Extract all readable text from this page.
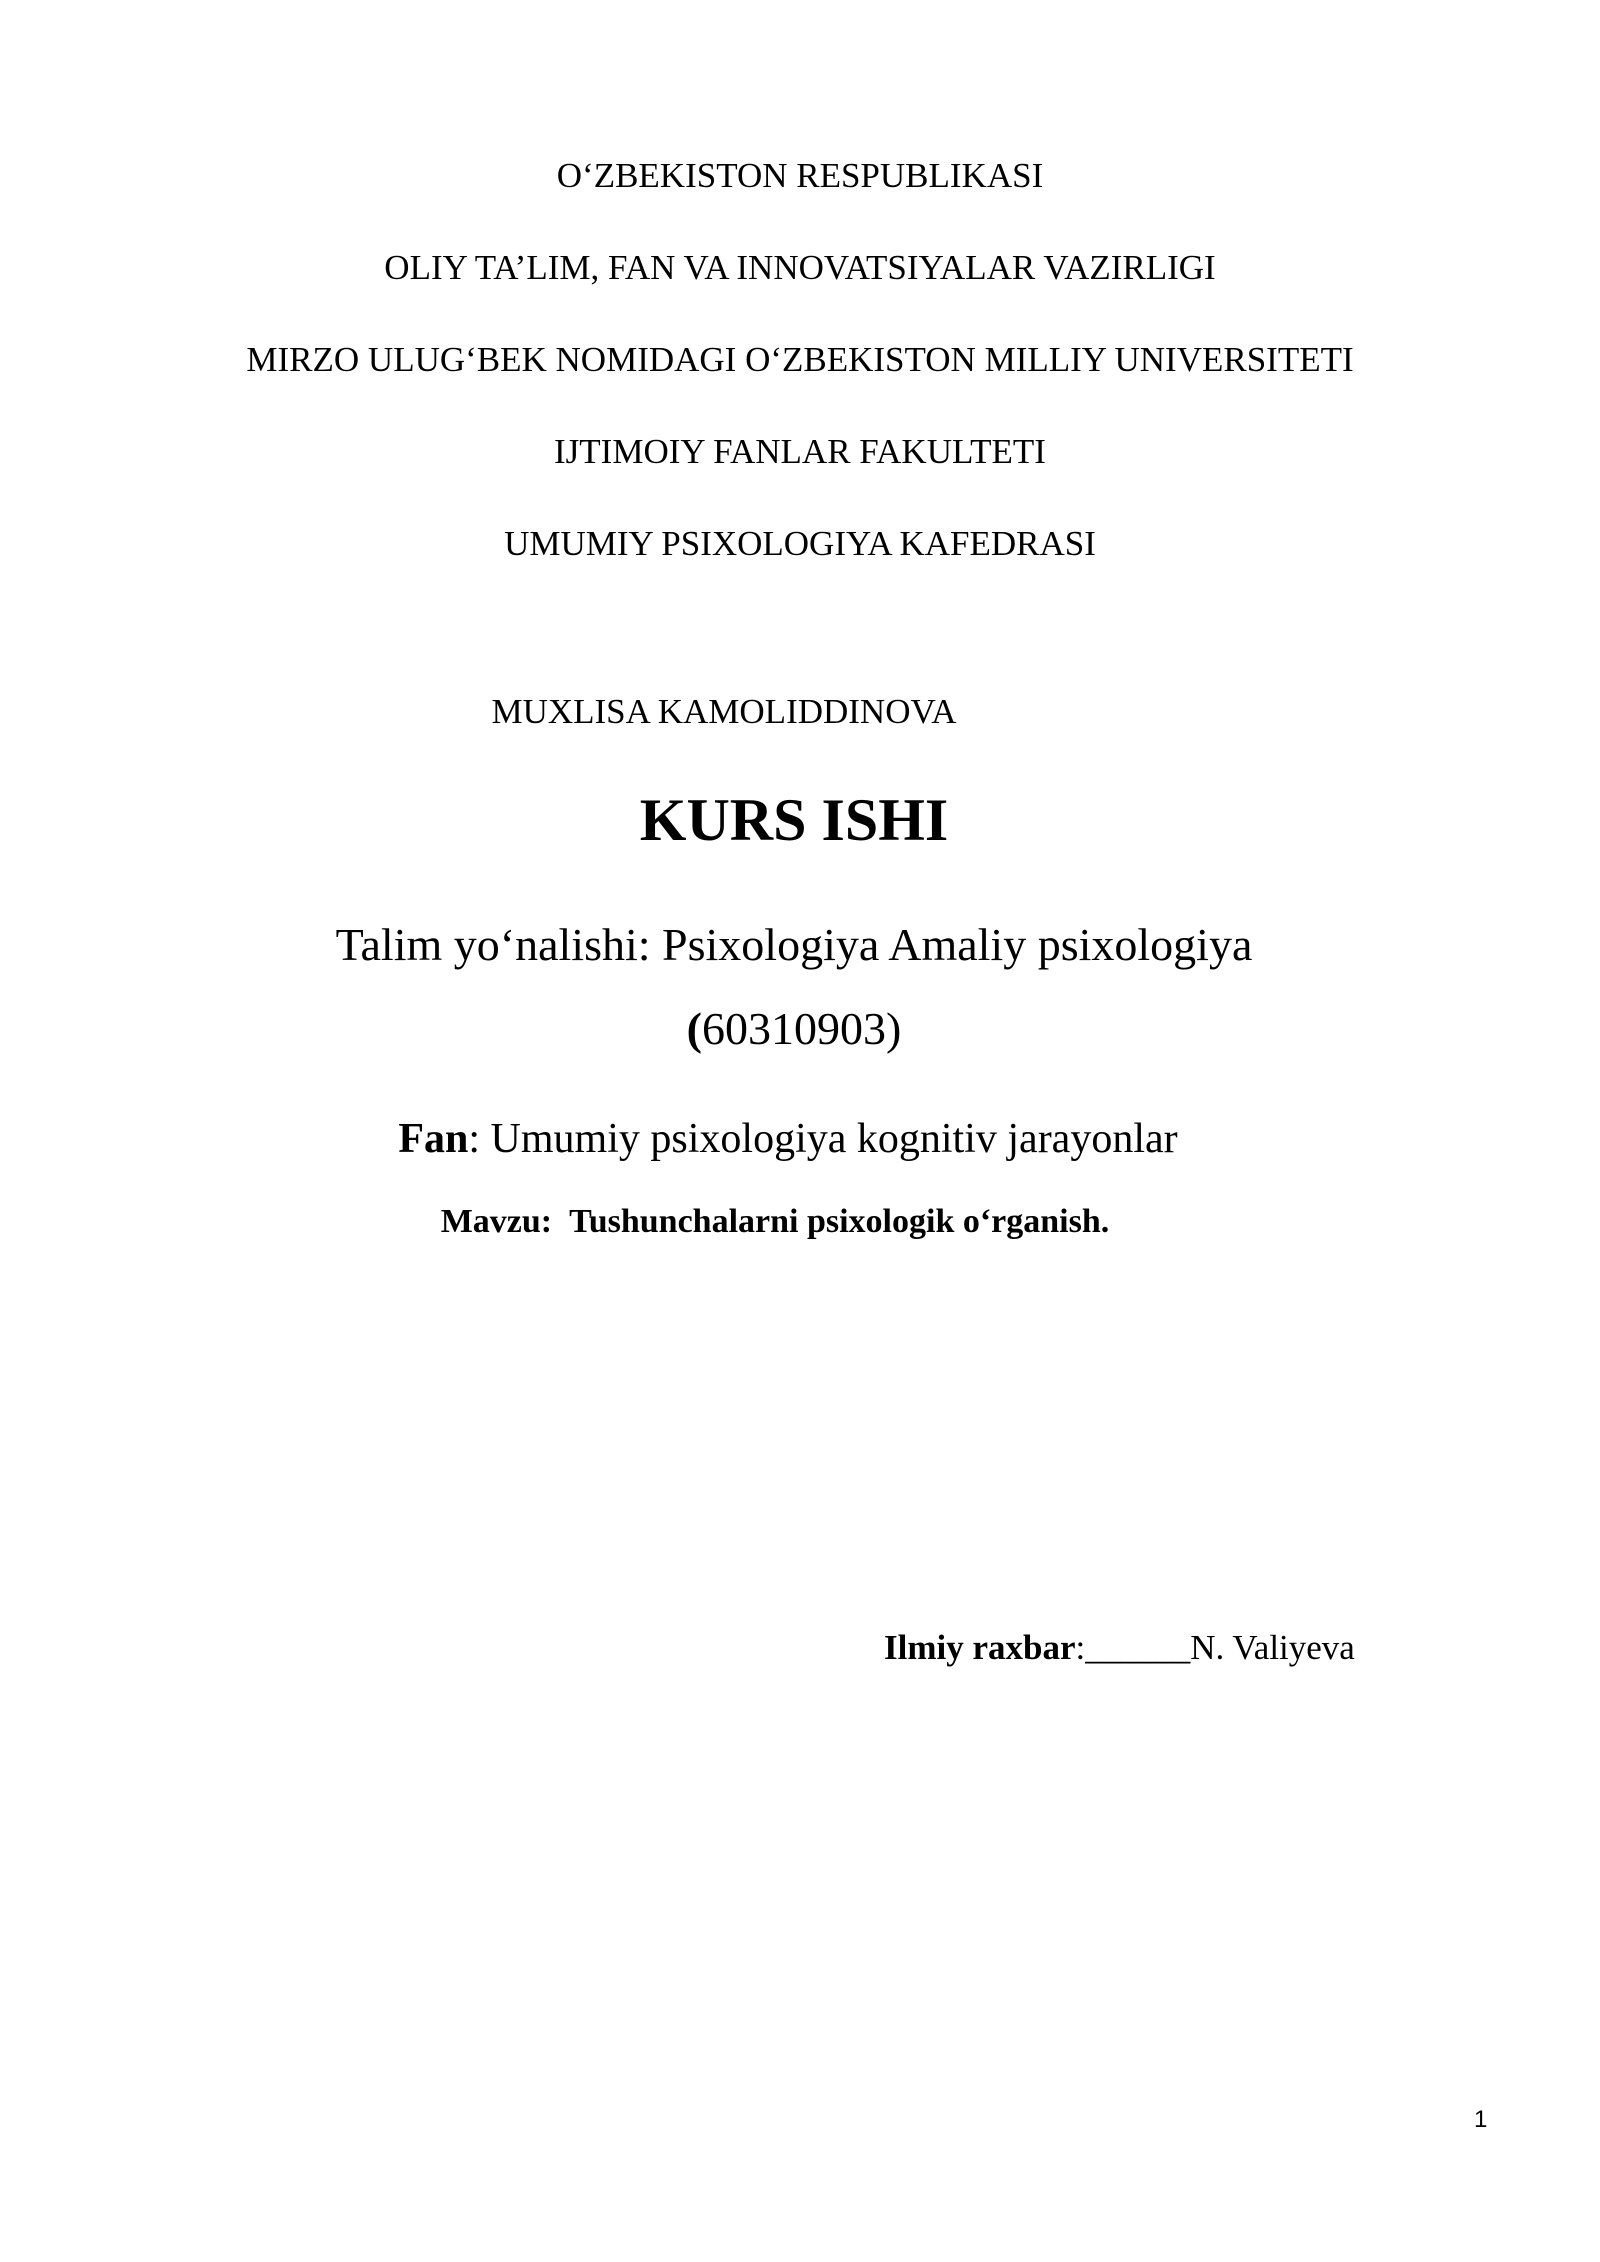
O‘ZBEKISTON RESPUBLIKASI
OLIY TA’LIM, FAN VA INNOVATSIYALAR VAZIRLIGI
MIRZO ULUG‘BEK NOMIDAGI O‘ZBEKISTON MILLIY UNIVERSITETI
IJTIMOIY FANLAR FAKULTETI
UMUMIY PSIXOLOGIYA KAFEDRASI
MUXLISA KAMOLIDDINOVA
KURS ISHI
Talim yo‘nalishi: Psixologiya Amaliy psixologiya
(60310903)
Fan: Umumiy psixologiya kognitiv jarayonlar
Mavzu: Tushunchalarni psixologik o‘rganish.
Ilmiy raxbar:______N. Valiyeva
1
